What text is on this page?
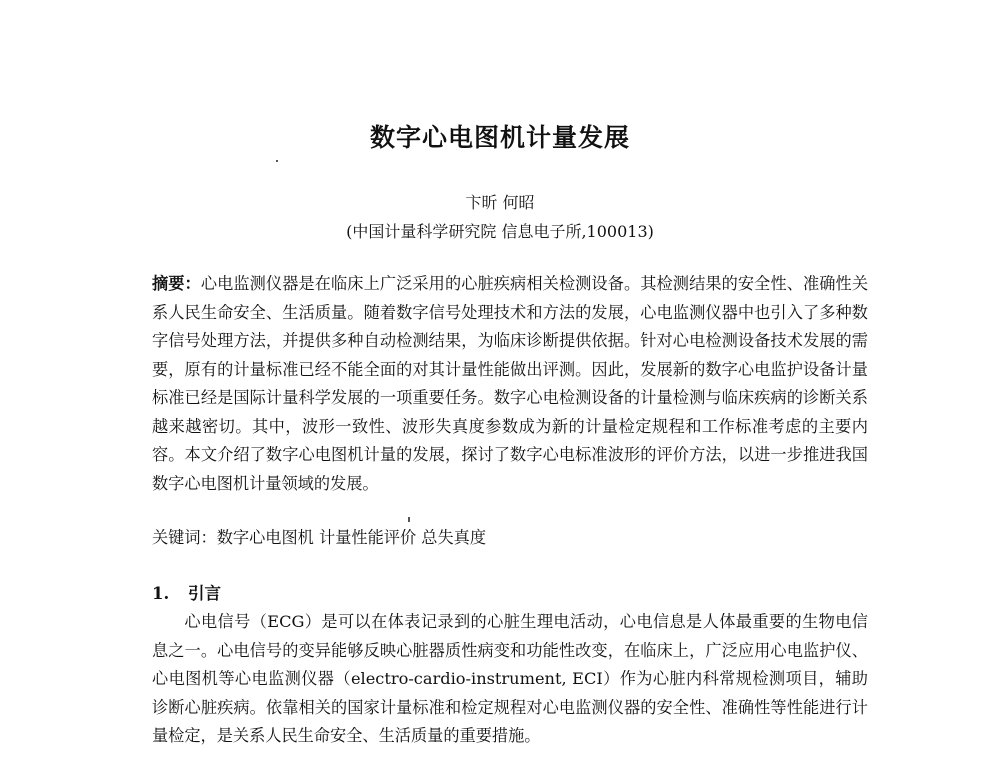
数字心电图机计量发展
卞昕 何昭
(中国计量科学研究院 信息电子所,100013)
摘要：心电监测仪器是在临床上广泛采用的心脏疾病相关检测设备。其检测结果的安全性、准确性关系人民生命安全、生活质量。随着数字信号处理技术和方法的发展，心电监测仪器中也引入了多种数字信号处理方法，并提供多种自动检测结果，为临床诊断提供依据。针对心电检测设备技术发展的需要，原有的计量标准已经不能全面的对其计量性能做出评测。因此，发展新的数字心电监护设备计量标准已经是国际计量科学发展的一项重要任务。数字心电检测设备的计量检测与临床疾病的诊断关系越来越密切。其中，波形一致性、波形失真度参数成为新的计量检定规程和工作标准考虑的主要内容。本文介绍了数字心电图机计量的发展，探讨了数字心电标准波形的评价方法，以进一步推进我国数字心电图机计量领域的发展。
关键词：数字心电图机 计量性能评价 总失真度
1. 引言
心电信号（ECG）是可以在体表记录到的心脏生理电活动，心电信息是人体最重要的生物电信息之一。心电信号的变异能够反映心脏器质性病变和功能性改变，在临床上，广泛应用心电监护仪、心电图机等心电监测仪器（electro-cardio-instrument, ECI）作为心脏内科常规检测项目，辅助诊断心脏疾病。依靠相关的国家计量标准和检定规程对心电监测仪器的安全性、准确性等性能进行计量检定，是关系人民生命安全、生活质量的重要措施。
